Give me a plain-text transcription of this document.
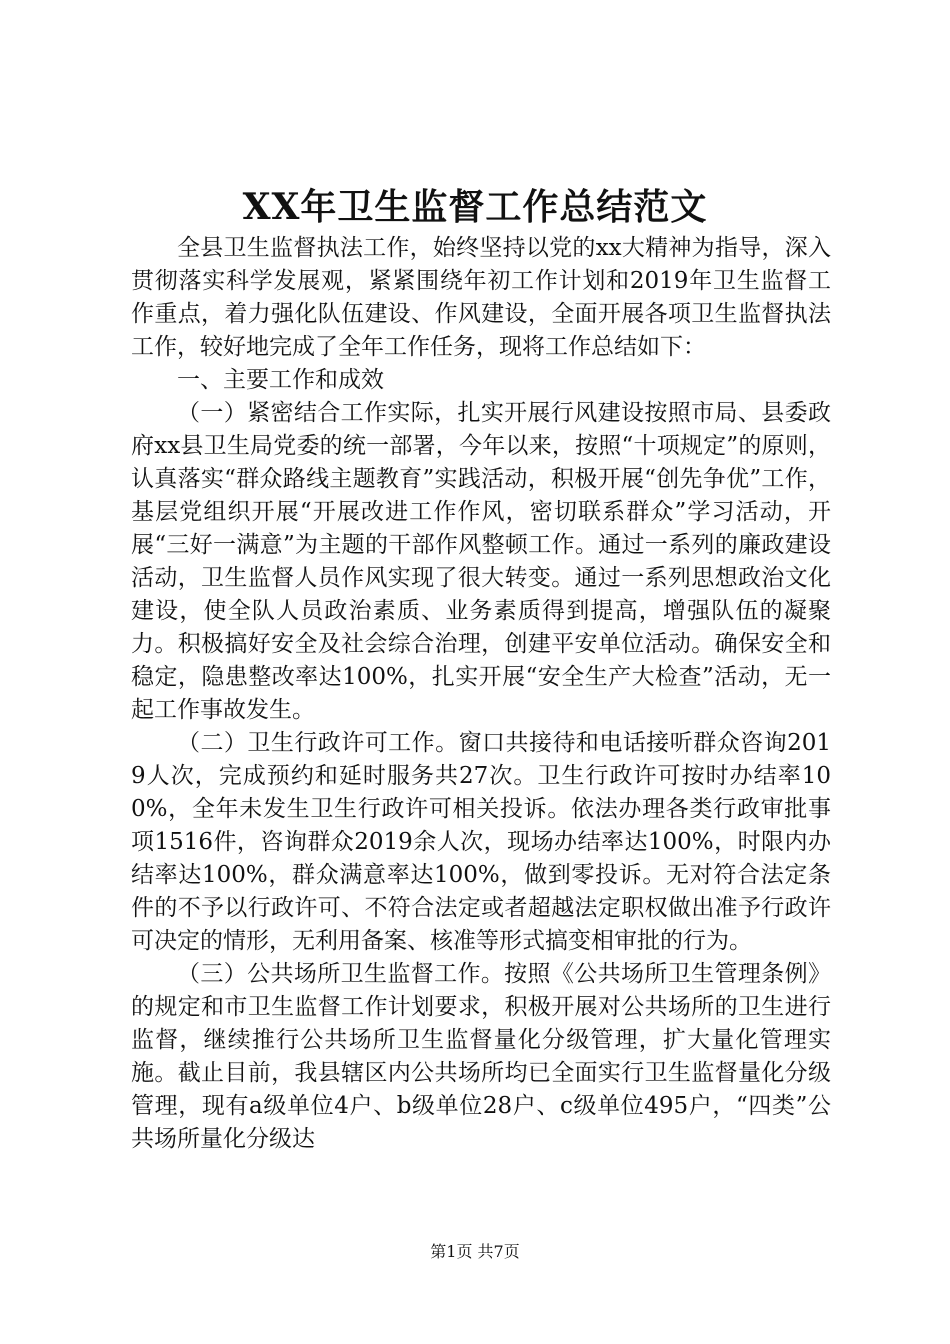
XX年卫生监督工作总结范文

全县卫生监督执法工作，始终坚持以党的xx大精神为指导，深入贯彻落实科学发展观，紧紧围绕年初工作计划和2019年卫生监督工作重点，着力强化队伍建设、作风建设，全面开展各项卫生监督执法工作，较好地完成了全年工作任务，现将工作总结如下：

一、主要工作和成效

（一）紧密结合工作实际，扎实开展行风建设按照市局、县委政府xx县卫生局党委的统一部署，今年以来，按照“十项规定”的原则，认真落实“群众路线主题教育”实践活动，积极开展“创先争优”工作，基层党组织开展“开展改进工作作风，密切联系群众”学习活动，开展“三好一满意”为主题的干部作风整顿工作。通过一系列的廉政建设活动，卫生监督人员作风实现了很大转变。通过一系列思想政治文化建设，使全队人员政治素质、业务素质得到提高，增强队伍的凝聚力。积极搞好安全及社会综合治理，创建平安单位活动。确保安全和稳定，隐患整改率达100%，扎实开展“安全生产大检查”活动，无一起工作事故发生。

（二）卫生行政许可工作。窗口共接待和电话接听群众咨询2019人次，完成预约和延时服务共27次。卫生行政许可按时办结率100%，全年未发生卫生行政许可相关投诉。依法办理各类行政审批事项1516件，咨询群众2019余人次，现场办结率达100%，时限内办结率达100%，群众满意率达100%，做到零投诉。无对符合法定条件的不予以行政许可、不符合法定或者超越法定职权做出准予行政许可决定的情形，无利用备案、核准等形式搞变相审批的行为。

（三）公共场所卫生监督工作。按照《公共场所卫生管理条例》的规定和市卫生监督工作计划要求，积极开展对公共场所的卫生进行监督，继续推行公共场所卫生监督量化分级管理，扩大量化管理实施。截止目前，我县辖区内公共场所均已全面实行卫生监督量化分级管理，现有a级单位4户、b级单位28户、c级单位495户，“四类”公共场所量化分级达

第1页 共7页
